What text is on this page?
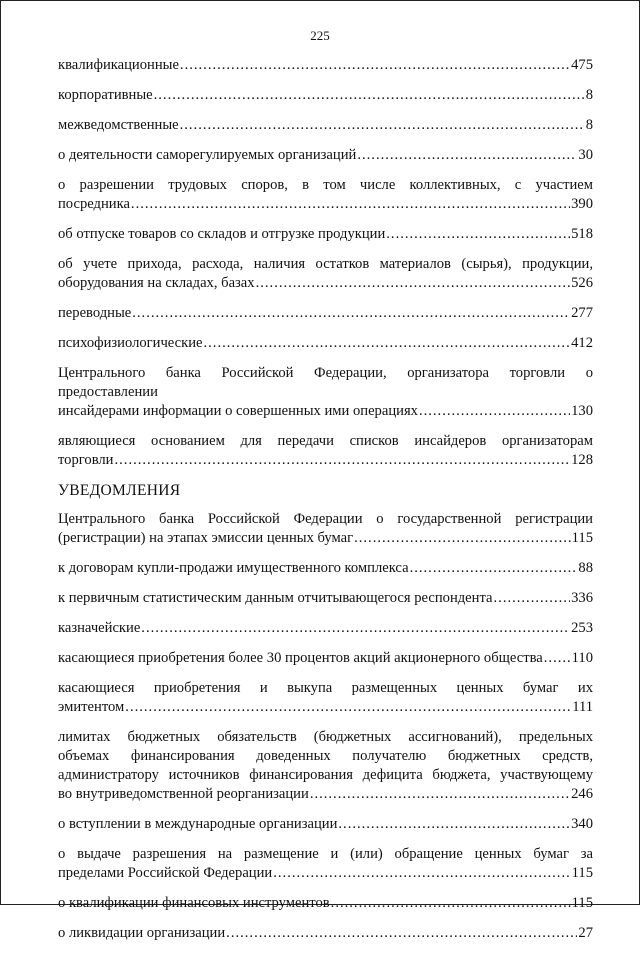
225
квалификационные .....	475
корпоративные .....	8
межведомственные .....	8
о деятельности саморегулируемых организаций .....	30
о разрешении трудовых споров, в том числе коллективных, с участием
посредника .....	390
об отпуске товаров со складов и отгрузке продукции .....	518
об учете прихода, расхода, наличия остатков материалов (сырья), продукции,
оборудования на складах, базах .....	526
переводные .....	277
психофизиологические .....	412
Центрального банка Российской Федерации, организатора торговли о предоставлении
инсайдерами информации о совершенных ими операциях .....	130
являющиеся основанием для передачи списков инсайдеров организаторам
торговли .....	128
УВЕДОМЛЕНИЯ
Центрального банка Российской Федерации о государственной регистрации
(регистрации) на этапах эмиссии ценных бумаг .....	115
к договорам купли-продажи имущественного комплекса .....	88
к первичным статистическим данным отчитывающегося респондента .....	336
казначейские .....	253
касающиеся приобретения более 30 процентов акций акционерного общества ..... 110
касающиеся приобретения и выкупа размещенных ценных бумаг их
эмитентом .....	111
лимитах бюджетных обязательств (бюджетных ассигнований), предельных
объемах финансирования доведенных получателю бюджетных средств,
администратору источников финансирования дефицита бюджета, участвующему
во внутриведомственной реорганизации .....	246
о вступлении в международные организации .....	340
о выдаче разрешения на размещение и (или) обращение ценных бумаг за
пределами Российской Федерации .....	115
о квалификации финансовых инструментов .....	115
о ликвидации организации .....	27
